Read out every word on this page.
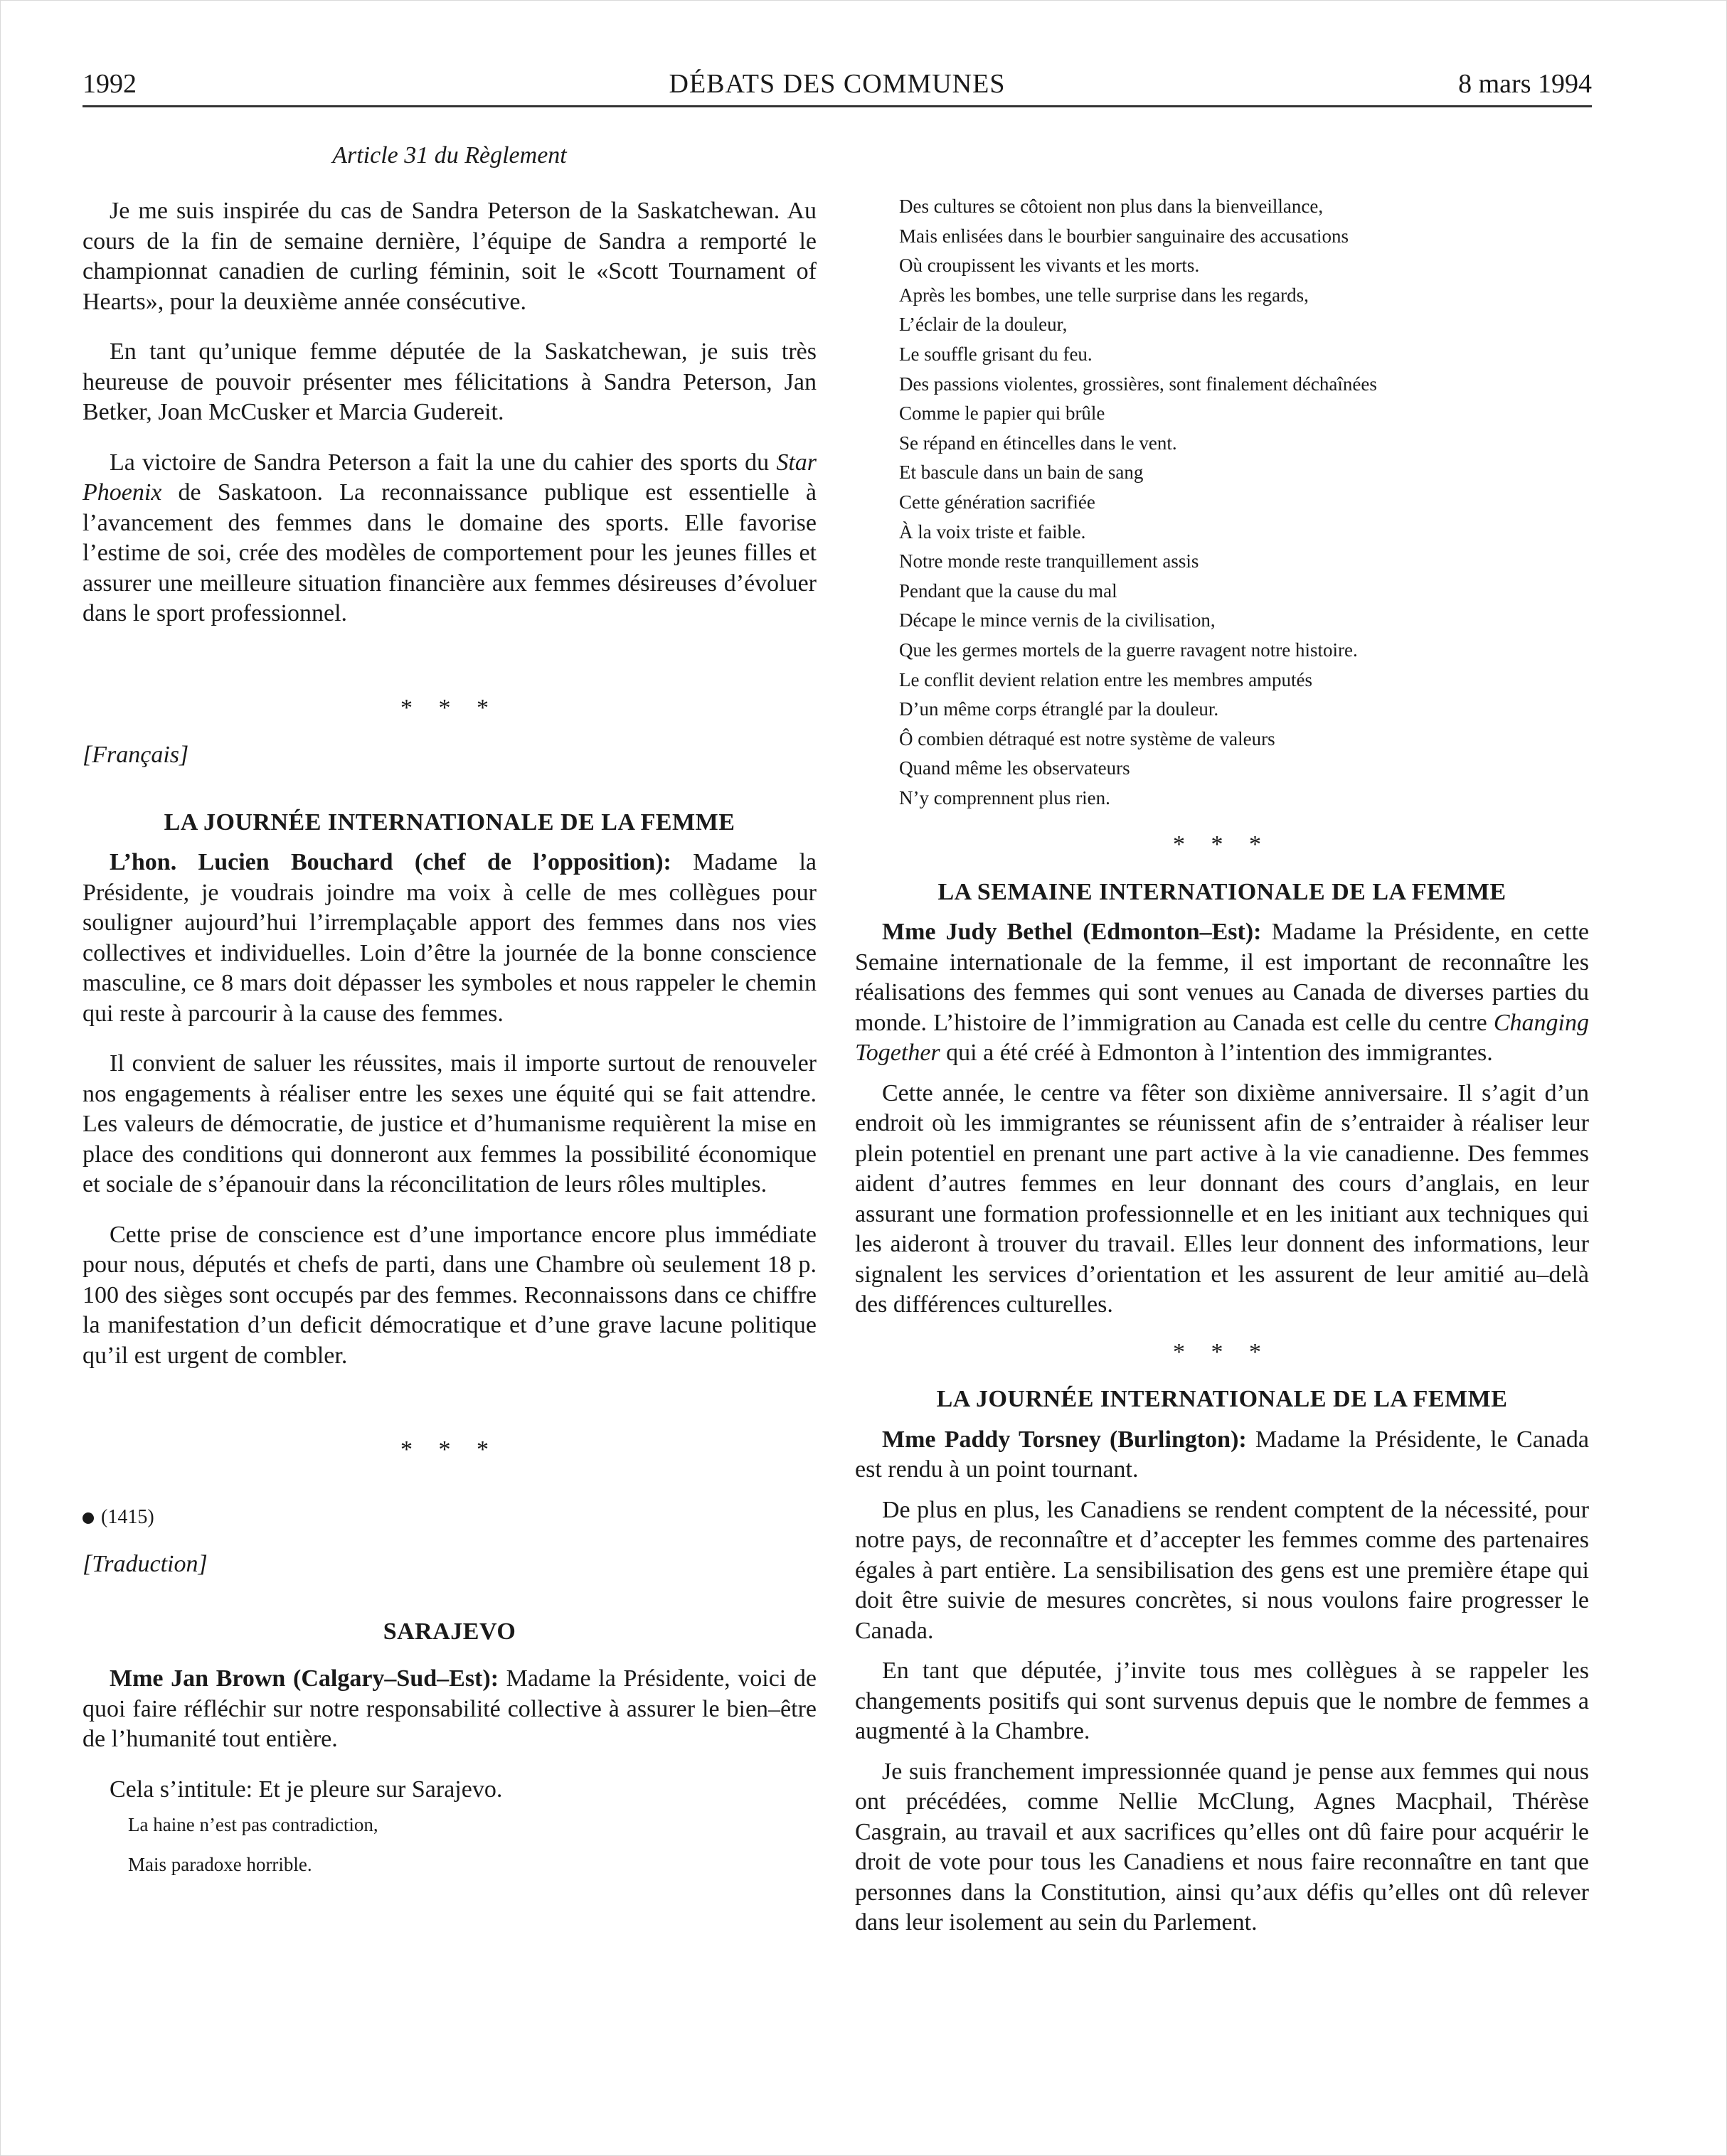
1992	DÉBATS DES COMMUNES	8 mars 1994

Article 31 du Règlement

Je me suis inspirée du cas de Sandra Peterson de la Saskatchewan. Au cours de la fin de semaine dernière, l’équipe de Sandra a remporté le championnat canadien de curling féminin, soit le «Scott Tournament of Hearts», pour la deuxième année consécutive.

En tant qu’unique femme députée de la Saskatchewan, je suis très heureuse de pouvoir présenter mes félicitations à Sandra Peterson, Jan Betker, Joan McCusker et Marcia Gudereit.

La victoire de Sandra Peterson a fait la une du cahier des sports du Star Phoenix de Saskatoon. La reconnaissance publique est essentielle à l’avancement des femmes dans le domaine des sports. Elle favorise l’estime de soi, crée des modèles de comportement pour les jeunes filles et assurer une meilleure situation financière aux femmes désireuses d’évoluer dans le sport professionnel.

* * *

[Français]

LA JOURNÉE INTERNATIONALE DE LA FEMME

L’hon. Lucien Bouchard (chef de l’opposition): Madame la Présidente, je voudrais joindre ma voix à celle de mes collègues pour souligner aujourd’hui l’irremplaçable apport des femmes dans nos vies collectives et individuelles. Loin d’être la journée de la bonne conscience masculine, ce 8 mars doit dépasser les symboles et nous rappeler le chemin qui reste à parcourir à la cause des femmes.

Il convient de saluer les réussites, mais il importe surtout de renouveler nos engagements à réaliser entre les sexes une équité qui se fait attendre. Les valeurs de démocratie, de justice et d’humanisme requièrent la mise en place des conditions qui donneront aux femmes la possibilité économique et sociale de s’épanouir dans la réconcilitation de leurs rôles multiples.

Cette prise de conscience est d’une importance encore plus immédiate pour nous, députés et chefs de parti, dans une Chambre où seulement 18 p. 100 des sièges sont occupés par des femmes. Reconnaissons dans ce chiffre la manifestation d’un deficit démocratique et d’une grave lacune politique qu’il est urgent de combler.

* * *

(1415)

[Traduction]

SARAJEVO

Mme Jan Brown (Calgary–Sud–Est): Madame la Présidente, voici de quoi faire réfléchir sur notre responsabilité collective à assurer le bien–être de l’humanité tout entière.

Cela s’intitule: Et je pleure sur Sarajevo.

La haine n’est pas contradiction,
Mais paradoxe horrible.
Des cultures se côtoient non plus dans la bienveillance,
Mais enlisées dans le bourbier sanguinaire des accusations
Où croupissent les vivants et les morts.
Après les bombes, une telle surprise dans les regards,
L’éclair de la douleur,
Le souffle grisant du feu.
Des passions violentes, grossières, sont finalement déchaînées
Comme le papier qui brûle
Se répand en étincelles dans le vent.
Et bascule dans un bain de sang
Cette génération sacrifiée
À la voix triste et faible.
Notre monde reste tranquillement assis
Pendant que la cause du mal
Décape le mince vernis de la civilisation,
Que les germes mortels de la guerre ravagent notre histoire.
Le conflit devient relation entre les membres amputés
D’un même corps étranglé par la douleur.
Ô combien détraqué est notre système de valeurs
Quand même les observateurs
N’y comprennent plus rien.

* * *

LA SEMAINE INTERNATIONALE DE LA FEMME

Mme Judy Bethel (Edmonton–Est): Madame la Présidente, en cette Semaine internationale de la femme, il est important de reconnaître les réalisations des femmes qui sont venues au Canada de diverses parties du monde. L’histoire de l’immigration au Canada est celle du centre Changing Together qui a été créé à Edmonton à l’intention des immigrantes.

Cette année, le centre va fêter son dixième anniversaire. Il s’agit d’un endroit où les immigrantes se réunissent afin de s’entraider à réaliser leur plein potentiel en prenant une part active à la vie canadienne. Des femmes aident d’autres femmes en leur donnant des cours d’anglais, en leur assurant une formation professionnelle et en les initiant aux techniques qui les aideront à trouver du travail. Elles leur donnent des informations, leur signalent les services d’orientation et les assurent de leur amitié au–delà des différences culturelles.

* * *

LA JOURNÉE INTERNATIONALE DE LA FEMME

Mme Paddy Torsney (Burlington): Madame la Présidente, le Canada est rendu à un point tournant.

De plus en plus, les Canadiens se rendent comptent de la nécessité, pour notre pays, de reconnaître et d’accepter les femmes comme des partenaires égales à part entière. La sensibilisation des gens est une première étape qui doit être suivie de mesures concrètes, si nous voulons faire progresser le Canada.

En tant que députée, j’invite tous mes collègues à se rappeler les changements positifs qui sont survenus depuis que le nombre de femmes a augmenté à la Chambre.

Je suis franchement impressionnée quand je pense aux femmes qui nous ont précédées, comme Nellie McClung, Agnes Macphail, Thérèse Casgrain, au travail et aux sacrifices qu’elles ont dû faire pour acquérir le droit de vote pour tous les Canadiens et nous faire reconnaître en tant que personnes dans la Constitution, ainsi qu’aux défis qu’elles ont dû relever dans leur isolement au sein du Parlement.
